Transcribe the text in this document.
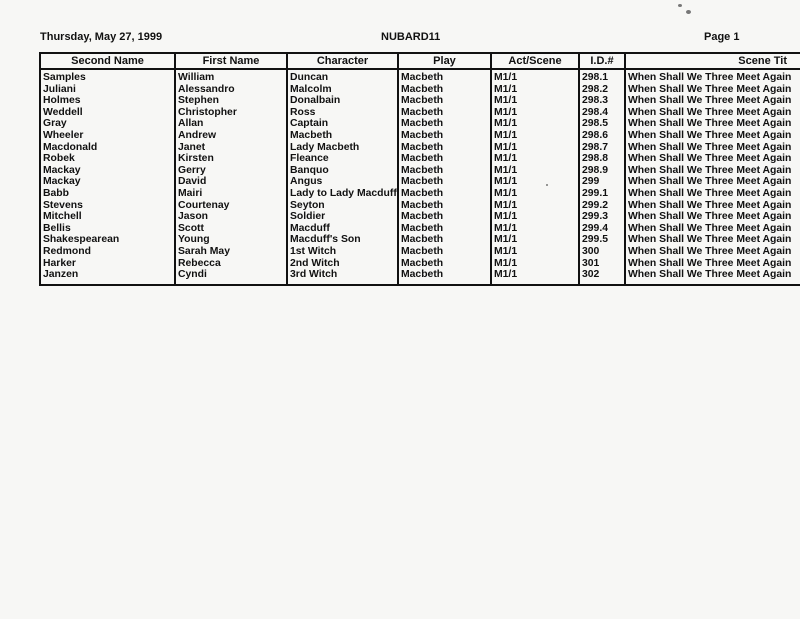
Thursday, May 27, 1999	NUBARD11	Page 1
Second Name
Samples
Juliani
Holmes
Weddell
Gray
Wheeler
Macdonald
Robek
Mackay
Mackay
Babb
Stevens
Mitchell
Bellis
Shakespearean
Redmond
Harker
Janzen
First Name
William
Alessandro
Stephen
Christopher
Allan
Andrew
Janet
Kirsten
Gerry
David
Mairi
Courtenay
Jason
Scott
Young
Sarah May
Rebecca
Cyndi
Character
Duncan
Malcolm
Donalbain
Ross
Captain
Macbeth
Lady Macbeth
Fleance
Banquo
Angus
Lady to Lady Macduff
Seyton
Soldier
Macduff
Macduff's Son
1st Witch
2nd Witch
3rd Witch
Play
Macbeth
Macbeth
Macbeth
Macbeth
Macbeth
Macbeth
Macbeth
Macbeth
Macbeth
Macbeth
Macbeth
Macbeth
Macbeth
Macbeth
Macbeth
Macbeth
Macbeth
Macbeth
Act/Scene
M1/1
M1/1
M1/1
M1/1
M1/1
M1/1
M1/1
M1/1
M1/1
M1/1
M1/1
M1/1
M1/1
M1/1
M1/1
M1/1
M1/1
M1/1
I.D.#
298.1
298.2
298.3
298.4
298.5
298.6
298.7
298.8
298.9
299
299.1
299.2
299.3
299.4
299.5
300
301
302
Scene Tit
When Shall We Three Meet Again
When Shall We Three Meet Again
When Shall We Three Meet Again
When Shall We Three Meet Again
When Shall We Three Meet Again
When Shall We Three Meet Again
When Shall We Three Meet Again
When Shall We Three Meet Again
When Shall We Three Meet Again
When Shall We Three Meet Again
When Shall We Three Meet Again
When Shall We Three Meet Again
When Shall We Three Meet Again
When Shall We Three Meet Again
When Shall We Three Meet Again
When Shall We Three Meet Again
When Shall We Three Meet Again
When Shall We Three Meet Again
